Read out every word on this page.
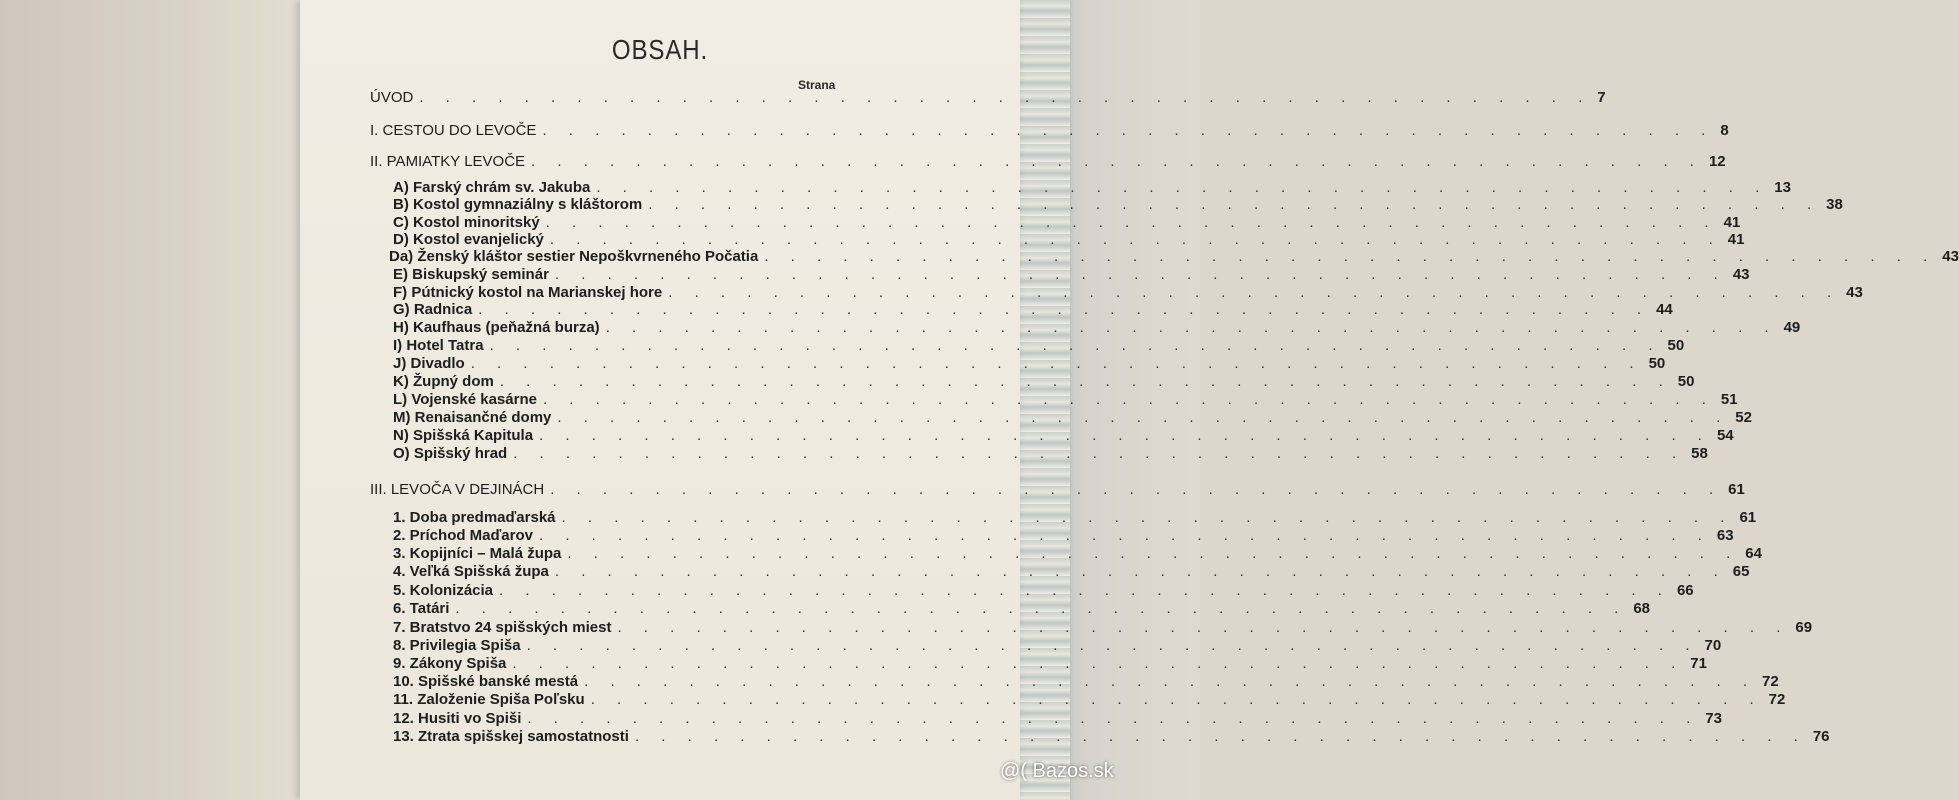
OBSAH.
Strana
ÚVOD . . . . . . . . . . . . . . . . . . . . . . . . . . . . . . . . . . . . . . . . . . . . . 7
I. CESTOU DO LEVOČE . . . . . . . . . . . . . . . . . . . . . . . . . . . . . . . . . . . . . . . . . . . . . 8
II. PAMIATKY LEVOČE . . . . . . . . . . . . . . . . . . . . . . . . . . . . . . . . . . . . . . . . . . . . . 12
A) Farský chrám sv. Jakuba . . . . . . . . . . . . . . . . . . . . . . . . . . . . . . . . . . . . . . . . . . . . . 13
B) Kostol gymnaziálny s kláštorom . . . . . . . . . . . . . . . . . . . . . . . . . . . . . . . . . . . . . . . . . . . . . 38
C) Kostol minoritský . . . . . . . . . . . . . . . . . . . . . . . . . . . . . . . . . . . . . . . . . . . . . 41
D) Kostol evanjelický . . . . . . . . . . . . . . . . . . . . . . . . . . . . . . . . . . . . . . . . . . . . . 41
Da) Ženský kláštor sestier Nepoškvrneného Počatia . . . . . . . . . . . . . . . . . . . . . . . . . . . . . . . . . . . . . . . . . . . . . 43
E) Biskupský seminár . . . . . . . . . . . . . . . . . . . . . . . . . . . . . . . . . . . . . . . . . . . . . 43
F) Pútnický kostol na Marianskej hore . . . . . . . . . . . . . . . . . . . . . . . . . . . . . . . . . . . . . . . . . . . . . 43
G) Radnica . . . . . . . . . . . . . . . . . . . . . . . . . . . . . . . . . . . . . . . . . . . . . 44
H) Kaufhaus (peňažná burza) . . . . . . . . . . . . . . . . . . . . . . . . . . . . . . . . . . . . . . . . . . . . . 49
I) Hotel Tatra . . . . . . . . . . . . . . . . . . . . . . . . . . . . . . . . . . . . . . . . . . . . . 50
J) Divadlo . . . . . . . . . . . . . . . . . . . . . . . . . . . . . . . . . . . . . . . . . . . . . 50
K) Župný dom . . . . . . . . . . . . . . . . . . . . . . . . . . . . . . . . . . . . . . . . . . . . . 50
L) Vojenské kasárne . . . . . . . . . . . . . . . . . . . . . . . . . . . . . . . . . . . . . . . . . . . . . 51
M) Renaisančné domy . . . . . . . . . . . . . . . . . . . . . . . . . . . . . . . . . . . . . . . . . . . . . 52
N) Spišská Kapitula . . . . . . . . . . . . . . . . . . . . . . . . . . . . . . . . . . . . . . . . . . . . . 54
O) Spišský hrad . . . . . . . . . . . . . . . . . . . . . . . . . . . . . . . . . . . . . . . . . . . . . 58
III. LEVOČA V DEJINÁCH . . . . . . . . . . . . . . . . . . . . . . . . . . . . . . . . . . . . . . . . . . . . . 61
1. Doba predmaďarská . . . . . . . . . . . . . . . . . . . . . . . . . . . . . . . . . . . . . . . . . . . . . 61
2. Príchod Maďarov . . . . . . . . . . . . . . . . . . . . . . . . . . . . . . . . . . . . . . . . . . . . . 63
3. Kopijníci – Malá župa . . . . . . . . . . . . . . . . . . . . . . . . . . . . . . . . . . . . . . . . . . . . . 64
4. Veľká Spišská župa . . . . . . . . . . . . . . . . . . . . . . . . . . . . . . . . . . . . . . . . . . . . . 65
5. Kolonizácia . . . . . . . . . . . . . . . . . . . . . . . . . . . . . . . . . . . . . . . . . . . . . 66
6. Tatári . . . . . . . . . . . . . . . . . . . . . . . . . . . . . . . . . . . . . . . . . . . . . 68
7. Bratstvo 24 spišských miest . . . . . . . . . . . . . . . . . . . . . . . . . . . . . . . . . . . . . . . . . . . . . 69
8. Privilegia Spiša . . . . . . . . . . . . . . . . . . . . . . . . . . . . . . . . . . . . . . . . . . . . . 70
9. Zákony Spiša . . . . . . . . . . . . . . . . . . . . . . . . . . . . . . . . . . . . . . . . . . . . . 71
10. Spišské banské mestá . . . . . . . . . . . . . . . . . . . . . . . . . . . . . . . . . . . . . . . . . . . . . 72
11. Založenie Spiša Poľsku . . . . . . . . . . . . . . . . . . . . . . . . . . . . . . . . . . . . . . . . . . . . . 72
12. Husiti vo Spiši . . . . . . . . . . . . . . . . . . . . . . . . . . . . . . . . . . . . . . . . . . . . . 73
13. Ztrata spišskej samostatnosti . . . . . . . . . . . . . . . . . . . . . . . . . . . . . . . . . . . . . . . . . . . . . 76
@( Bazos.sk
